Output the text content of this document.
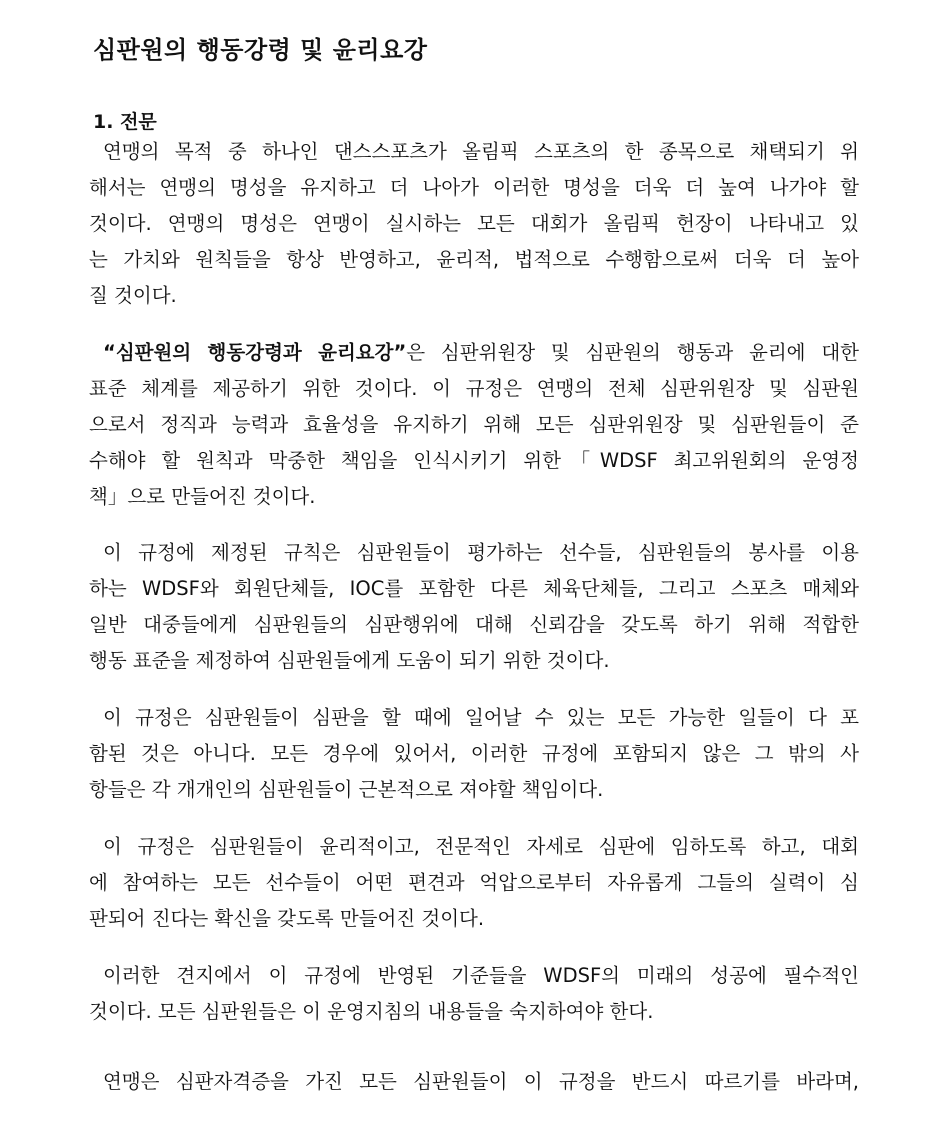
심판원의 행동강령 및 윤리요강
1. 전문

연맹의 목적 중 하나인 댄스스포츠가 올림픽 스포츠의 한 종목으로 채택되기 위

해서는 연맹의 명성을 유지하고 더 나아가 이러한 명성을 더욱 더 높여 나가야 할

것이다. 연맹의 명성은 연맹이 실시하는 모든 대회가 올림픽 헌장이 나타내고 있

는 가치와 원칙들을 항상 반영하고, 윤리적, 법적으로 수행함으로써 더욱 더 높아

질 것이다.

“심판원의 행동강령과 윤리요강”은 심판위원장 및 심판원의 행동과 윤리에 대한

표준 체계를 제공하기 위한 것이다. 이 규정은 연맹의 전체 심판위원장 및 심판원

으로서 정직과 능력과 효율성을 유지하기 위해 모든 심판위원장 및 심판원들이 준

수해야 할 원칙과 막중한 책임을 인식시키기 위한「WDSF 최고위원회의 운영정

책」으로 만들어진 것이다.

이 규정에 제정된 규칙은 심판원들이 평가하는 선수들, 심판원들의 봉사를 이용

하는 WDSF와 회원단체들, IOC를 포함한 다른 체육단체들, 그리고 스포츠 매체와

일반 대중들에게 심판원들의 심판행위에 대해 신뢰감을 갖도록 하기 위해 적합한

행동 표준을 제정하여 심판원들에게 도움이 되기 위한 것이다.

이 규정은 심판원들이 심판을 할 때에 일어날 수 있는 모든 가능한 일들이 다 포

함된 것은 아니다. 모든 경우에 있어서, 이러한 규정에 포함되지 않은 그 밖의 사

항들은 각 개개인의 심판원들이 근본적으로 져야할 책임이다.

이 규정은 심판원들이 윤리적이고, 전문적인 자세로 심판에 임하도록 하고, 대회

에 참여하는 모든 선수들이 어떤 편견과 억압으로부터 자유롭게 그들의 실력이 심

판되어 진다는 확신을 갖도록 만들어진 것이다.

이러한 견지에서 이 규정에 반영된 기준들을 WDSF의 미래의 성공에 필수적인

것이다. 모든 심판원들은 이 운영지침의 내용들을 숙지하여야 한다.

연맹은 심판자격증을 가진 모든 심판원들이 이 규정을 반드시 따르기를 바라며,
